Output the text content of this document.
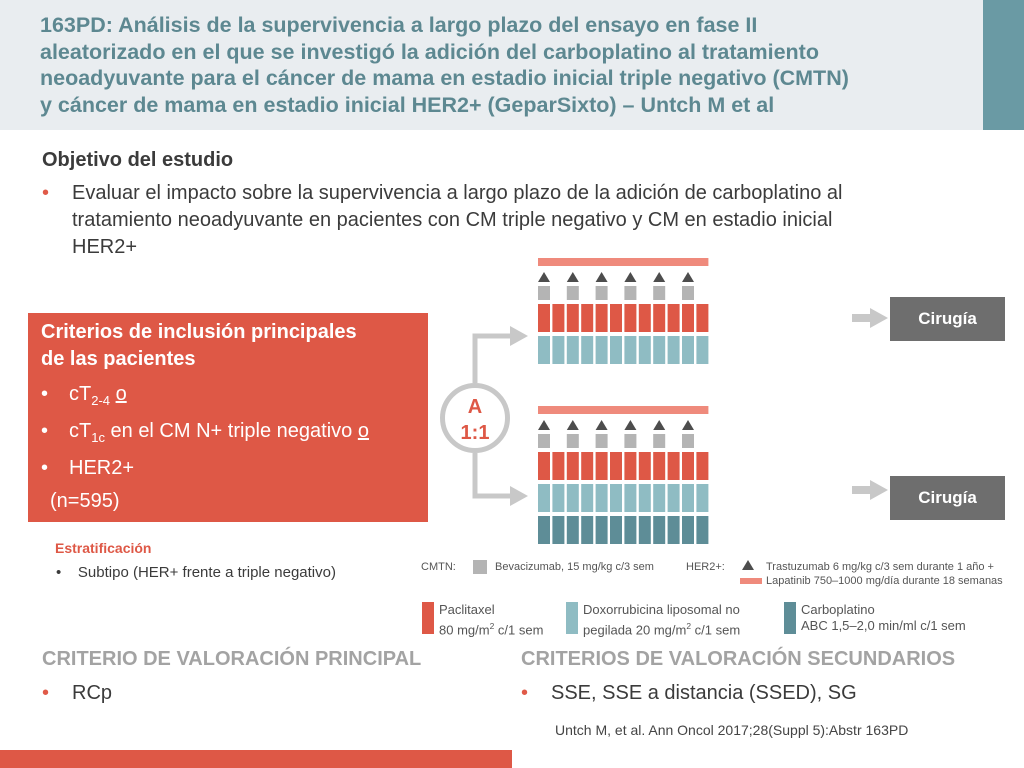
163PD: Análisis de la supervivencia a largo plazo del ensayo en fase II
aleatorizado en el que se investigó la adición del carboplatino al tratamiento
neoadyuvante para el cáncer de mama en estadio inicial triple negativo (CMTN)
y cáncer de mama en estadio inicial HER2+ (GeparSixto) – Untch M et al
Objetivo del estudio
• Evaluar el impacto sobre la supervivencia a largo plazo de la adición de carboplatino al
tratamiento neoadyuvante en pacientes con CM triple negativo y CM en estadio inicial
HER2+
Criterios de inclusión principales
de las pacientes
• $cT_{2-4}$ o
• $cT_{1c}$ en el CM N+ triple negativo o
• HER2+
(n=595)
Estratificación
•    Subtipo (HER+ frente a triple negativo)
A
1:1
Cirugía
Cirugía
CMTN:	Bevacizumab, 15 mg/kg c/3 sem	HER2+:	Trastuzumab 6 mg/kg c/3 sem durante 1 año +
Lapatinib 750–1000 mg/día durante 18 semanas
Paclitaxel
80 $mg/m^2$ c/1 sem
Doxorrubicina liposomal no
pegilada 20 $mg/m^2$ c/1 sem
Carboplatino
ABC 1,5–2,0 min/ml c/1 sem
CRITERIO DE VALORACIÓN PRINCIPAL
• RCp
CRITERIOS DE VALORACIÓN SECUNDARIOS
• SSE, SSE a distancia (SSED), SG
Untch M, et al. Ann Oncol 2017;28(Suppl 5):Abstr 163PD
